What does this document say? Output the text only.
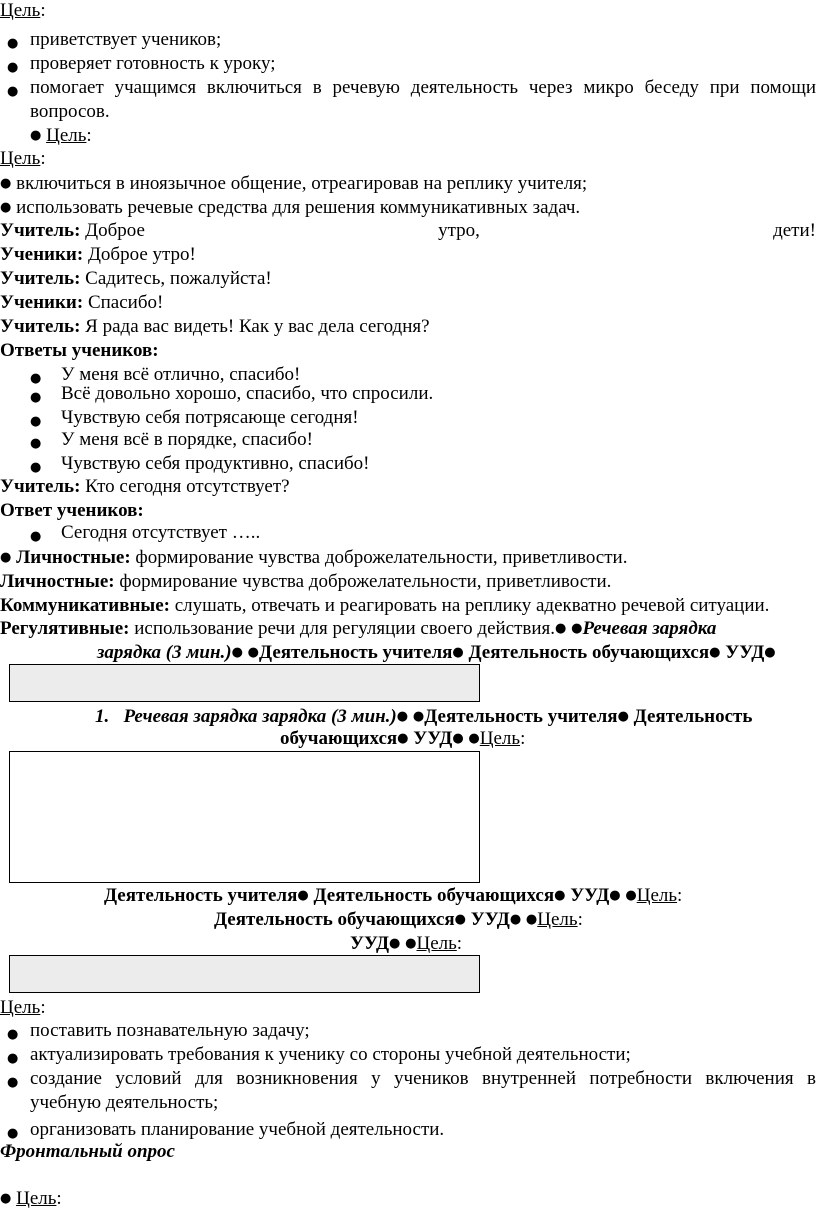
Цель:
● приветствует учеников;
● проверяет готовность к уроку;
● помогает учащимся включиться в речевую деятельность через микро беседу при помощи
вопросов.
● Цель:
Цель:
● включиться в иноязычное общение, отреагировав на реплику учителя;
● использовать речевые средства для решения коммуникативных задач.
Учитель: Доброе	утро,	дети!
Ученики: Доброе утро!
Учитель: Садитесь, пожалуйста!
Ученики: Спасибо!
Учитель: Я рада вас видеть! Как у вас дела сегодня?
Ответы учеников:
● У меня всё отлично, спасибо!
● Всё довольно хорошо, спасибо, что спросили.
● Чувствую себя потрясающе сегодня!
● У меня всё в порядке, спасибо!
● Чувствую себя продуктивно, спасибо!
Учитель: Кто сегодня отсутствует?
Ответ учеников:
● Сегодня отсутствует …..
● Личностные: формирование чувства доброжелательности, приветливости.
Личностные: формирование чувства доброжелательности, приветливости.
Коммуникативные: слушать, отвечать и реагировать на реплику адекватно речевой ситуации.
Регулятивные: использование речи для регуляции своего действия.● ●Речевая зарядка
зарядка (3 мин.)● ●Деятельность учителя● Деятельность обучающихся● УУД●
1. Речевая зарядка зарядка (3 мин.)● ●Деятельность учителя● Деятельность
обучающихся● УУД● ●Цель:
Деятельность учителя● Деятельность обучающихся● УУД● ●Цель:
Деятельность обучающихся● УУД● ●Цель:
УУД● ●Цель:
Цель:
● поставить познавательную задачу;
● актуализировать требования к ученику со стороны учебной деятельности;
● создание условий для возникновения у учеников внутренней потребности включения в
учебную деятельность;
● организовать планирование учебной деятельности.
Фронтальный опрос
● Цель:
